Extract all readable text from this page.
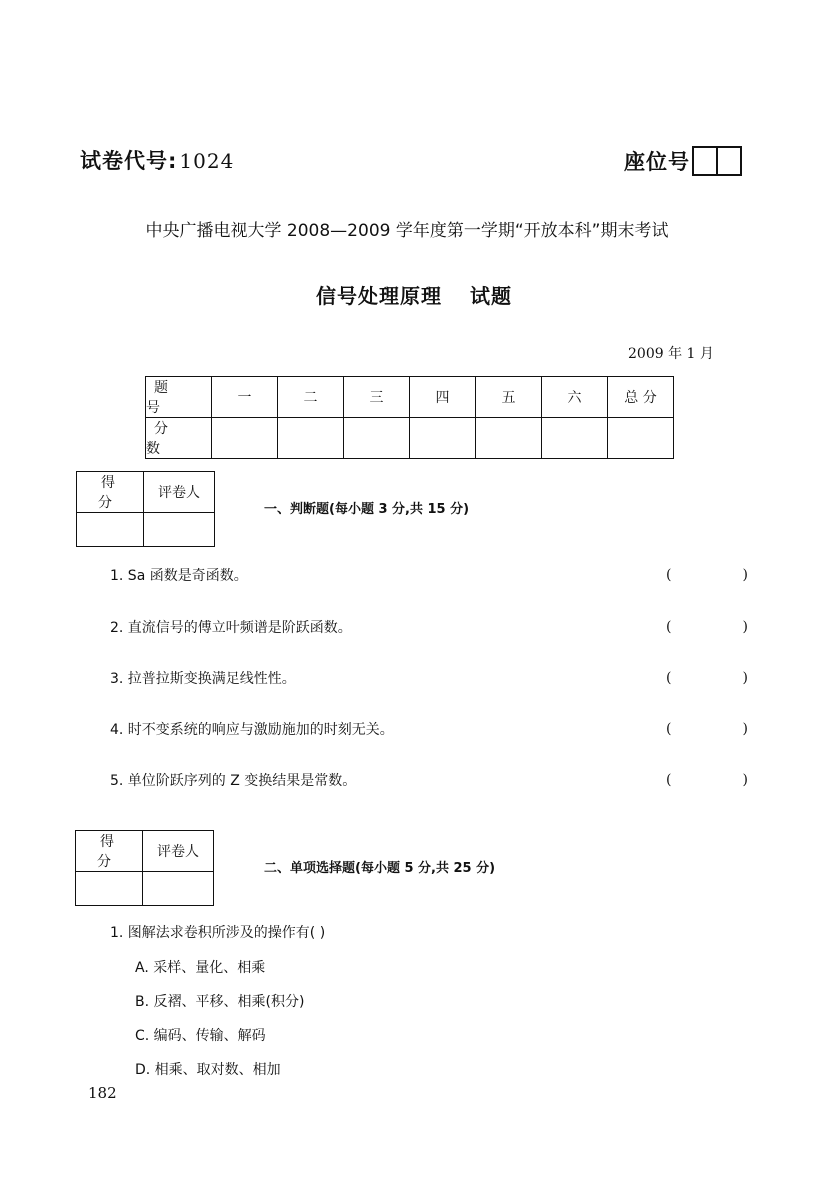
试卷代号: 1024	座位号
中央广播电视大学 2008—2009 学年度第一学期“开放本科”期末考试
信号处理原理 试题
2009 年 1 月
题 号	一	二	三	四	五	六	总 分
分 数							
得 分	评卷人

一、判断题(每小题 3 分,共 15 分)
1. Sa 函数是奇函数。	(	)
2. 直流信号的傅立叶频谱是阶跃函数。	(	)
3. 拉普拉斯变换满足线性性。	(	)
4. 时不变系统的响应与激励施加的时刻无关。	(	)
5. 单位阶跃序列的 Z 变换结果是常数。	(	)
得 分	评卷人

二、单项选择题(每小题 5 分,共 25 分)
1. 图解法求卷积所涉及的操作有( )
A. 采样、量化、相乘
B. 反褶、平移、相乘(积分)
C. 编码、传输、解码
D. 相乘、取对数、相加
182
